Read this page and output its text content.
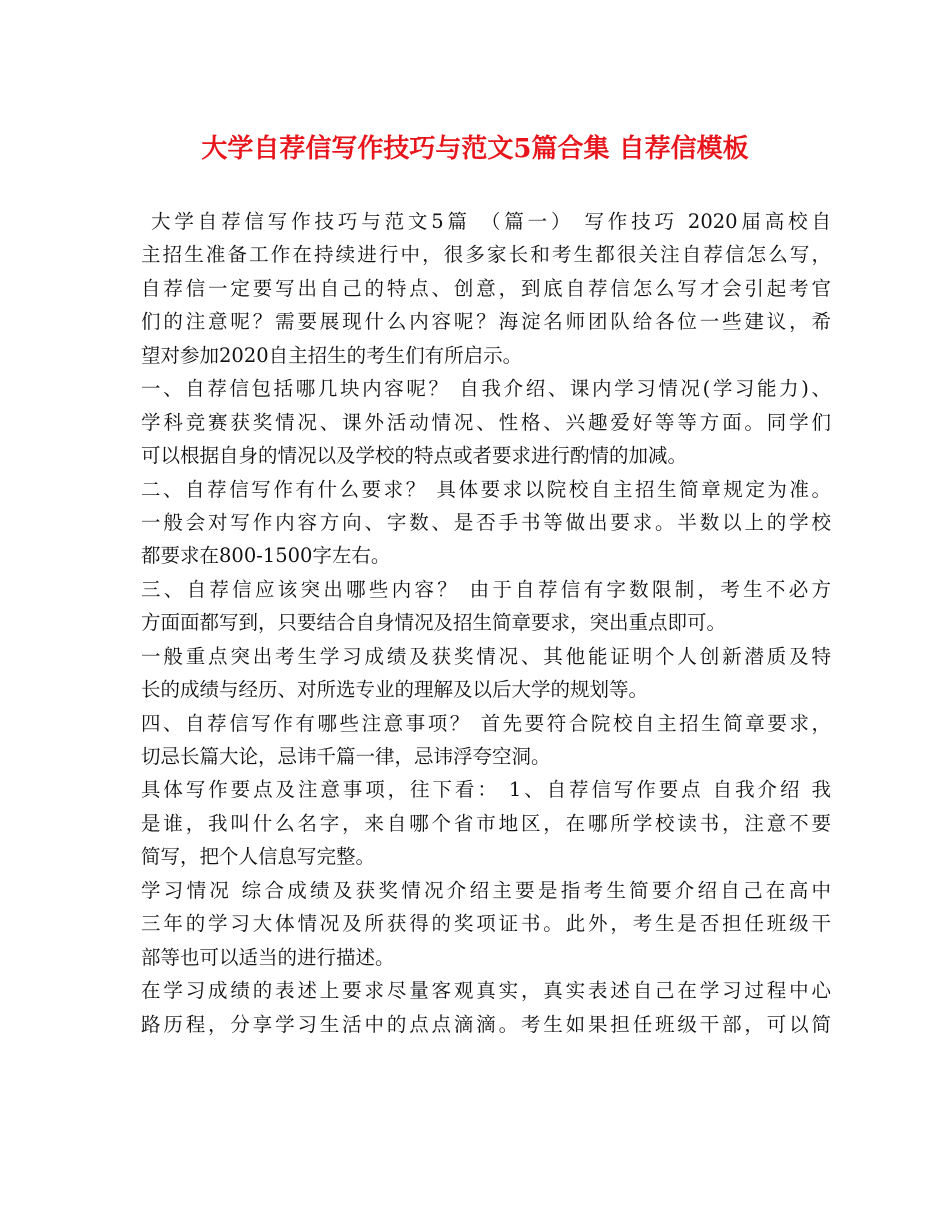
大学自荐信写作技巧与范文5篇合集 自荐信模板
大学自荐信写作技巧与范文5篇 （篇一） 写作技巧 2020届高校自
主招生准备工作在持续进行中，很多家长和考生都很关注自荐信怎么写，
自荐信一定要写出自己的特点、创意，到底自荐信怎么写才会引起考官
们的注意呢？需要展现什么内容呢？海淀名师团队给各位一些建议，希
望对参加2020自主招生的考生们有所启示。
一、自荐信包括哪几块内容呢？ 自我介绍、课内学习情况(学习能力)、
学科竞赛获奖情况、课外活动情况、性格、兴趣爱好等等方面。同学们
可以根据自身的情况以及学校的特点或者要求进行酌情的加减。
二、自荐信写作有什么要求？ 具体要求以院校自主招生简章规定为准。
一般会对写作内容方向、字数、是否手书等做出要求。半数以上的学校
都要求在800-1500字左右。
三、自荐信应该突出哪些内容？ 由于自荐信有字数限制，考生不必方
方面面都写到，只要结合自身情况及招生简章要求，突出重点即可。
一般重点突出考生学习成绩及获奖情况、其他能证明个人创新潜质及特
长的成绩与经历、对所选专业的理解及以后大学的规划等。
四、自荐信写作有哪些注意事项？ 首先要符合院校自主招生简章要求，
切忌长篇大论，忌讳千篇一律，忌讳浮夸空洞。
具体写作要点及注意事项，往下看： 1、自荐信写作要点 自我介绍 我
是谁，我叫什么名字，来自哪个省市地区，在哪所学校读书，注意不要
简写，把个人信息写完整。
学习情况 综合成绩及获奖情况介绍主要是指考生简要介绍自己在高中
三年的学习大体情况及所获得的奖项证书。此外，考生是否担任班级干
部等也可以适当的进行描述。
在学习成绩的表述上要求尽量客观真实，真实表述自己在学习过程中心
路历程，分享学习生活中的点点滴滴。考生如果担任班级干部，可以简
